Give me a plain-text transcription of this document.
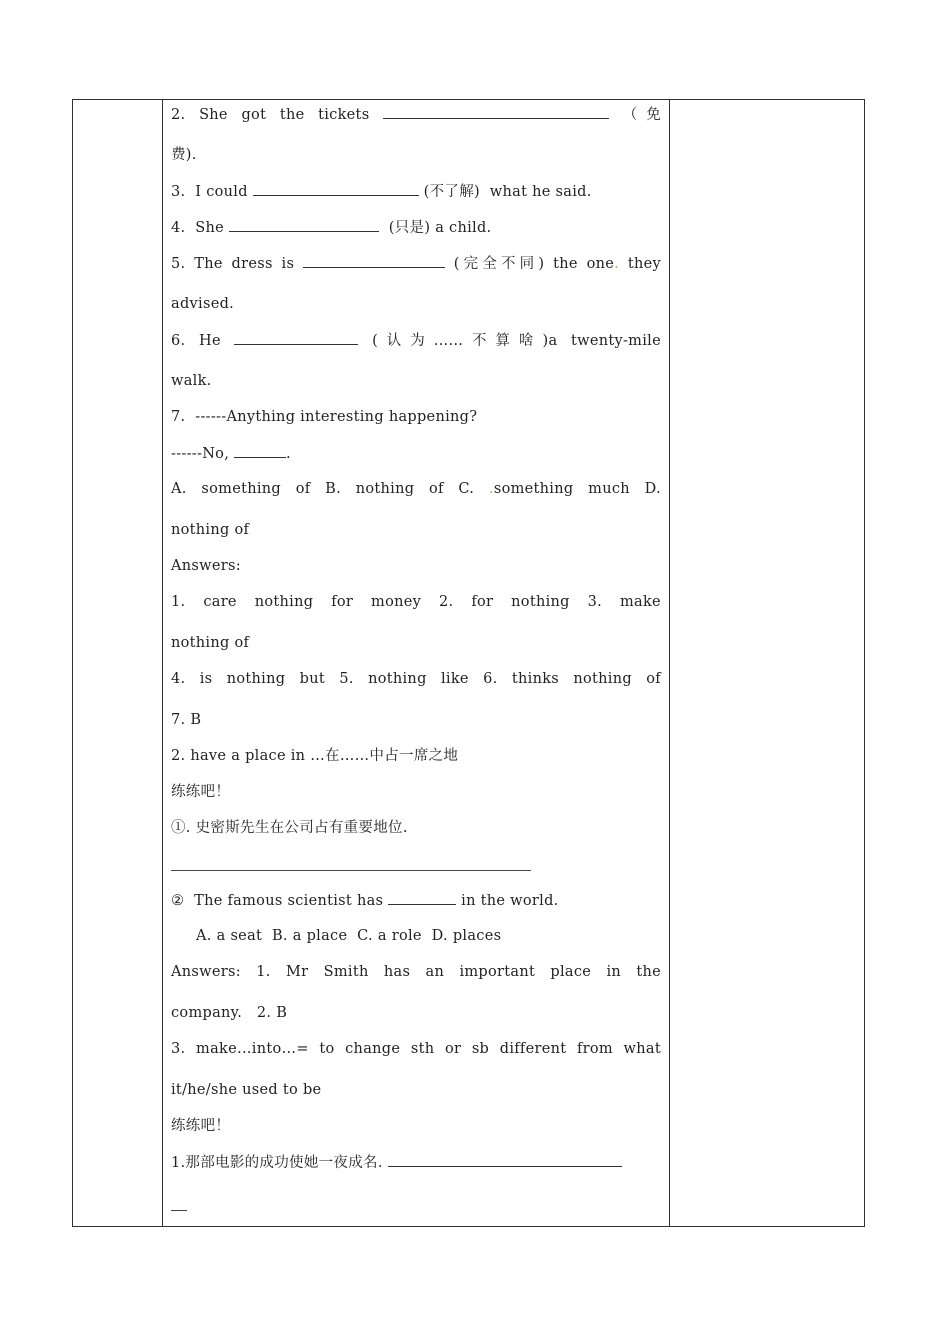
2. She got the tickets	（免
费).
3.  I could	(不了解)  what he said.
4.  She	(只是) a child.
5. The dress is	(完全不同) the one. they
advised.
6. He	(认为……不算啥)a twenty-mile
walk.
7.  ------Anything interesting happening?
------No,	.
A. something of B. nothing of C. .something much D.
nothing of
Answers:
1. care nothing for money 2. for nothing 3. make
nothing of
4. is nothing but 5. nothing like 6. thinks nothing of
7. B
2. have a place in …在……中占一席之地
练练吧！
①. 史密斯先生在公司占有重要地位.
②  The famous scientist has	in the world.
A. a seat  B. a place  C. a role  D. places
Answers: 1. Mr Smith has an important place in the
company.   2. B
3. make…into…= to change sth or sb different from what
it/he/she used to be
练练吧！
1.那部电影的成功使她一夜成名.
